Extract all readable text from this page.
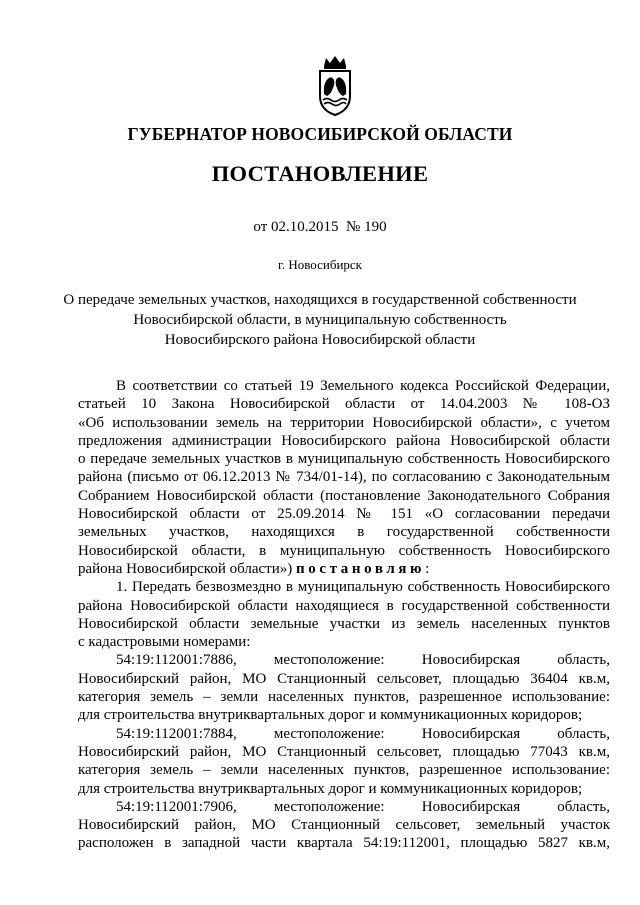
ГУБЕРНАТОР НОВОСИБИРСКОЙ ОБЛАСТИ
ПОСТАНОВЛЕНИЕ
от 02.10.2015 № 190
г. Новосибирск
О передаче земельных участков, находящихся в государственной собственности
Новосибирской области, в муниципальную собственность
Новосибирского района Новосибирской области
В соответствии со статьей 19 Земельного кодекса Российской Федерации,
статьей 10 Закона Новосибирской области от 14.04.2003 № 108-ОЗ
«Об использовании земель на территории Новосибирской области», с учетом
предложения администрации Новосибирского района Новосибирской области
о передаче земельных участков в муниципальную собственность Новосибирского
района (письмо от 06.12.2013 № 734/01-14), по согласованию с Законодательным
Собранием Новосибирской области (постановление Законодательного Собрания
Новосибирской области от 25.09.2014 № 151 «О согласовании передачи
земельных участков, находящихся в государственной собственности
Новосибирской области, в муниципальную собственность Новосибирского
района Новосибирской области») постановляю:
1. Передать безвозмездно в муниципальную собственность Новосибирского
района Новосибирской области находящиеся в государственной собственности
Новосибирской области земельные участки из земель населенных пунктов
с кадастровыми номерами:
54:19:112001:7886, местоположение: Новосибирская область,
Новосибирский район, МО Станционный сельсовет, площадью 36404 кв.м,
категория земель – земли населенных пунктов, разрешенное использование:
для строительства внутриквартальных дорог и коммуникационных коридоров;
54:19:112001:7884, местоположение: Новосибирская область,
Новосибирский район, МО Станционный сельсовет, площадью 77043 кв.м,
категория земель – земли населенных пунктов, разрешенное использование:
для строительства внутриквартальных дорог и коммуникационных коридоров;
54:19:112001:7906, местоположение: Новосибирская область,
Новосибирский район, МО Станционный сельсовет, земельный участок
расположен в западной части квартала 54:19:112001, площадью 5827 кв.м,
